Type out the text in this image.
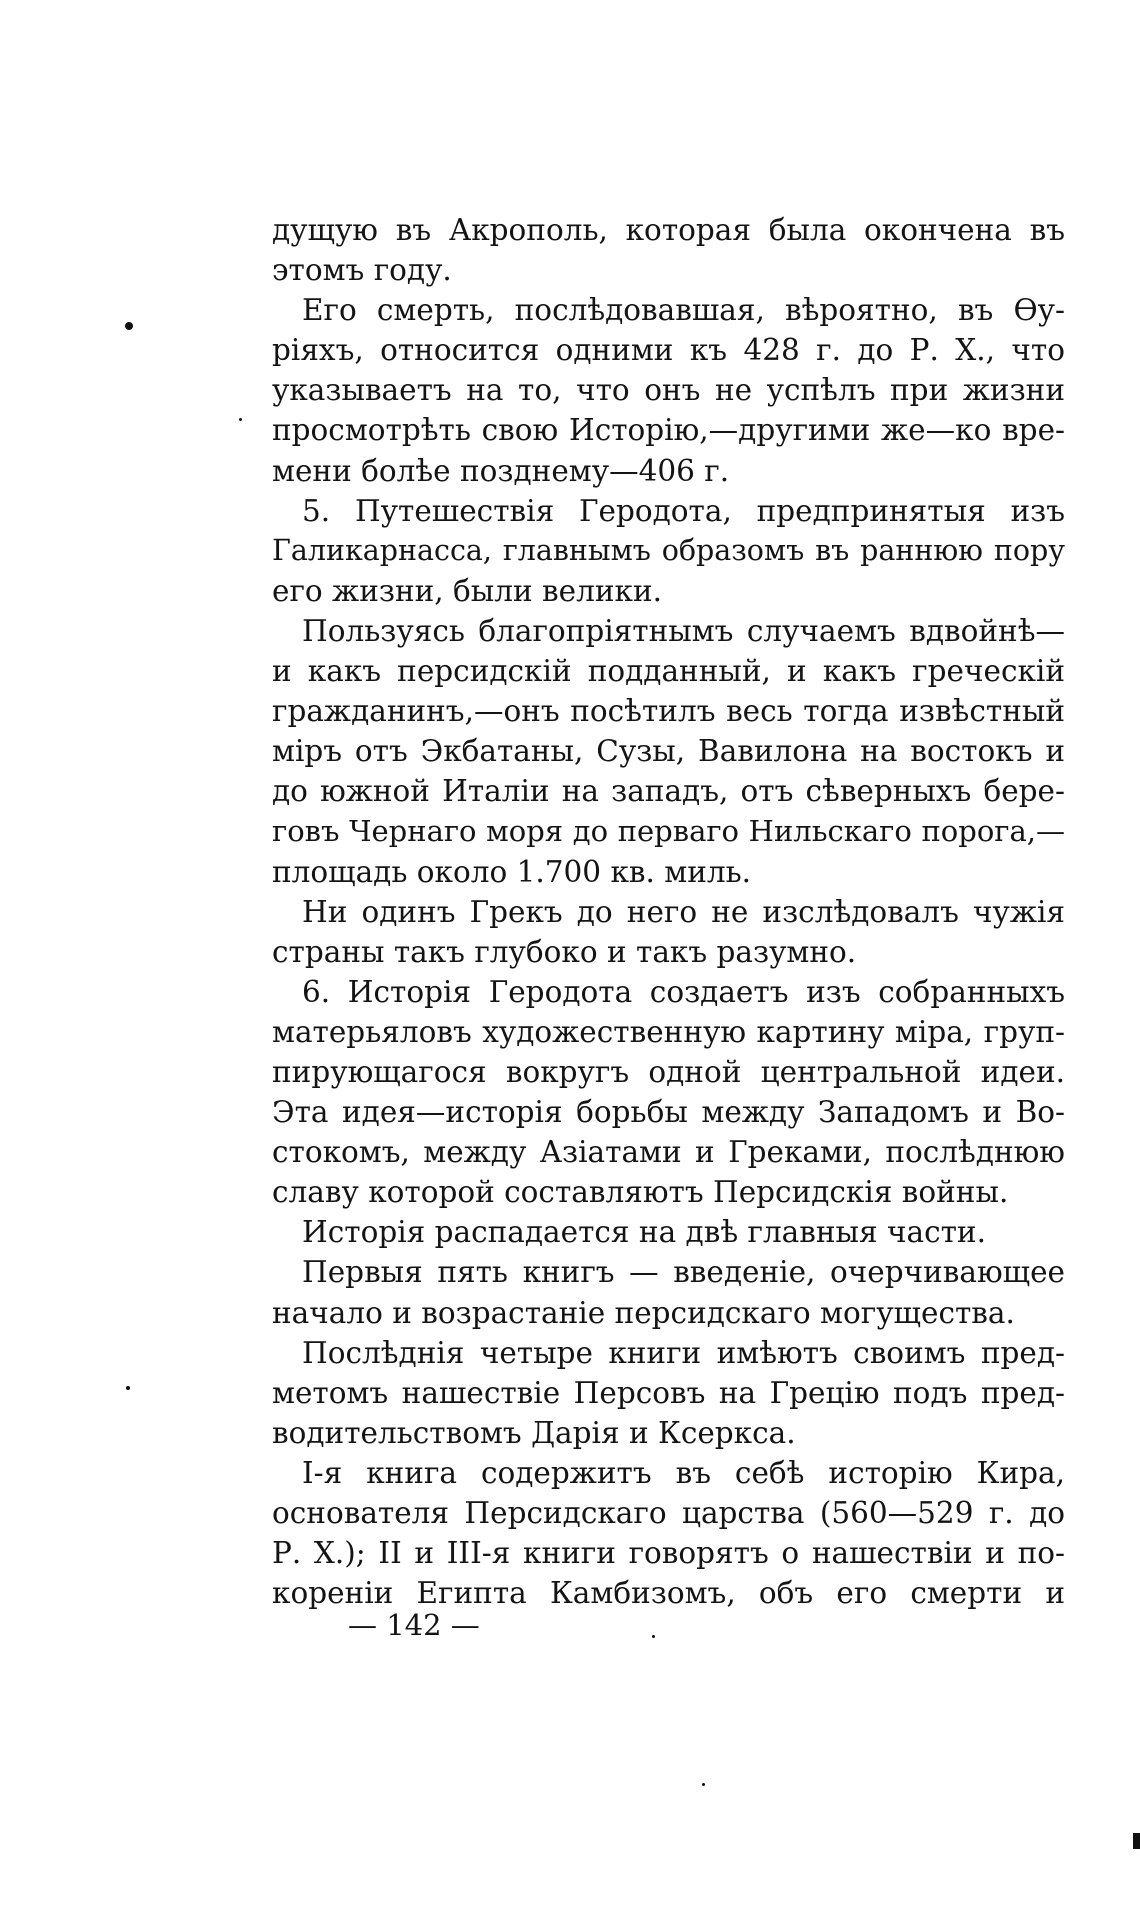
дущую въ Акрополь, которая была окончена въ
этомъ году.
Его смерть, послѣдовавшая, вѣроятно, въ Ѳу-
ріяхъ, относится одними къ 428 г. до Р. X., что
указываетъ на то, что онъ не успѣлъ при жизни
просмотрѣть свою Исторію,—другими же—ко вре-
мени болѣе позднему—406 г.
5. Путешествія Геродота, предпринятыя изъ
Галикарнасса, главнымъ образомъ въ раннюю пору
его жизни, были велики.
Пользуясь благопріятнымъ случаемъ вдвойнѣ—
и какъ персидскій подданный, и какъ греческій
гражданинъ,—онъ посѣтилъ весь тогда извѣстный
міръ отъ Экбатаны, Сузы, Вавилона на востокъ и
до южной Италіи на западъ, отъ сѣверныхъ бере-
говъ Чернаго моря до перваго Нильскаго порога,—
площадь около 1.700 кв. миль.
Ни одинъ Грекъ до него не изслѣдовалъ чужія
страны такъ глубоко и такъ разумно.
6. Исторія Геродота создаетъ изъ собранныхъ
матерьяловъ художественную картину міра, груп-
пирующагося вокругъ одной центральной идеи.
Эта идея—исторія борьбы между Западомъ и Во-
стокомъ, между Азіатами и Греками, послѣднюю
славу которой составляютъ Персидскія войны.
Исторія распадается на двѣ главныя части.
Первыя пять книгъ — введеніе, очерчивающее
начало и возрастаніе персидскаго могущества.
Послѣднія четыре книги имѣютъ своимъ пред-
метомъ нашествіе Персовъ на Грецію подъ пред-
водительствомъ Дарія и Ксеркса.
I-я книга содержитъ въ себѣ исторію Кира,
основателя Персидскаго царства (560—529 г. до
Р. X.); II и III-я книги говорятъ о нашествіи и по-
кореніи Египта Камбизомъ, объ его смерти и
— 142 —
